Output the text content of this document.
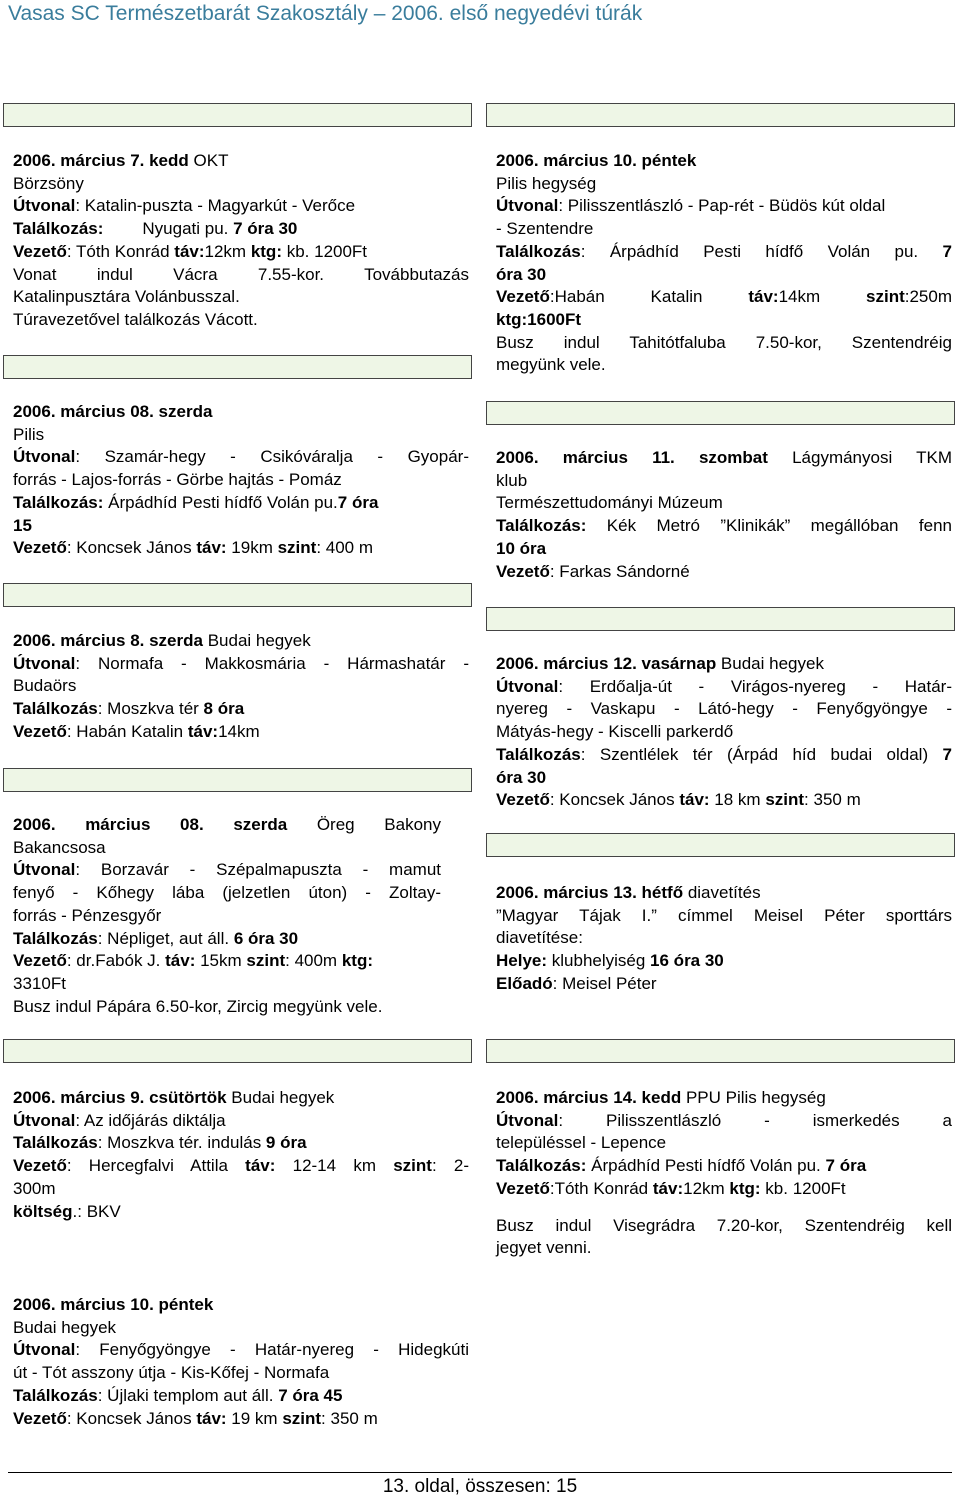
Vasas SC Természetbarát Szakosztály – 2006. első negyedévi túrák

2006. március 7. kedd OKT

Börzsöny

Útvonal: Katalin-puszta - Magyarkút - Verőce

Találkozás: Nyugati pu. 7 óra 30

Vezető: Tóth Konrád táv:12km ktg: kb. 1200Ft

Vonat indul Vácra 7.55-kor. Továbbutazás

Katalinpusztára Volánbusszal.

Túravezetővel találkozás Vácott.

2006. március 08. szerda

Pilis

Útvonal: Szamár-hegy - Csikóváralja - Gyopár-

forrás - Lajos-forrás - Görbe hajtás - Pomáz

Találkozás: Árpádhíd Pesti hídfő Volán pu.7 óra

15

Vezető: Koncsek János táv: 19km szint: 400 m

2006. március 8. szerda Budai hegyek

Útvonal: Normafa - Makkosmária - Hármashatár -

Budaörs

Találkozás: Moszkva tér 8 óra

Vezető: Habán Katalin táv:14km

2006. március 08. szerda Öreg Bakony

Bakancsosa

Útvonal: Borzavár - Szépalmapuszta - mamut

fenyő - Kőhegy lába (jelzetlen úton) - Zoltay-

forrás - Pénzesgyőr

Találkozás: Népliget, aut áll. 6 óra 30

Vezető: dr.Fabók J. táv: 15km szint: 400m ktg:

3310Ft

Busz indul Pápára 6.50-kor, Zircig megyünk vele.

2006. március 9. csütörtök Budai hegyek

Útvonal: Az időjárás diktálja

Találkozás: Moszkva tér. indulás 9 óra

Vezető: Hercegfalvi Attila táv: 12-14 km szint: 2-

300m

költség.: BKV

2006. március 10. péntek

Budai hegyek

Útvonal: Fenyőgyöngye - Határ-nyereg - Hidegkúti

út - Tót asszony útja - Kis-Kőfej - Normafa

Találkozás: Újlaki templom aut áll. 7 óra 45

Vezető: Koncsek János táv: 19 km szint: 350 m

2006. március 10. péntek

Pilis hegység

Útvonal: Pilisszentlászló - Pap-rét - Büdös kút oldal

- Szentendre

Találkozás: Árpádhíd Pesti hídfő Volán pu. 7

óra 30

Vezető:Habán Katalin táv:14km szint:250m

ktg:1600Ft

Busz indul Tahitótfaluba 7.50-kor, Szentendréig

megyünk vele.

2006. március 11. szombat Lágymányosi TKM

klub

Természettudományi Múzeum

Találkozás: Kék Metró ”Klinikák” megállóban fenn

10 óra

Vezető: Farkas Sándorné

2006. március 12. vasárnap Budai hegyek

Útvonal: Erdőalja-út - Virágos-nyereg - Határ-

nyereg - Vaskapu - Látó-hegy - Fenyőgyöngye -

Mátyás-hegy - Kiscelli parkerdő

Találkozás: Szentlélek tér (Árpád híd budai oldal) 7

óra 30

Vezető: Koncsek János táv: 18 km szint: 350 m

2006. március 13. hétfő diavetítés

”Magyar Tájak I.” címmel Meisel Péter sporttárs

diavetítése:

Helye: klubhelyiség 16 óra 30

Előadó: Meisel Péter

2006. március 14. kedd PPU Pilis hegység

Útvonal: Pilisszentlászló - ismerkedés a

településsel - Lepence

Találkozás: Árpádhíd Pesti hídfő Volán pu. 7 óra

Vezető:Tóth Konrád táv:12km ktg: kb. 1200Ft

Busz indul Visegrádra 7.20-kor, Szentendréig kell

jegyet venni.

13. oldal, összesen: 15
